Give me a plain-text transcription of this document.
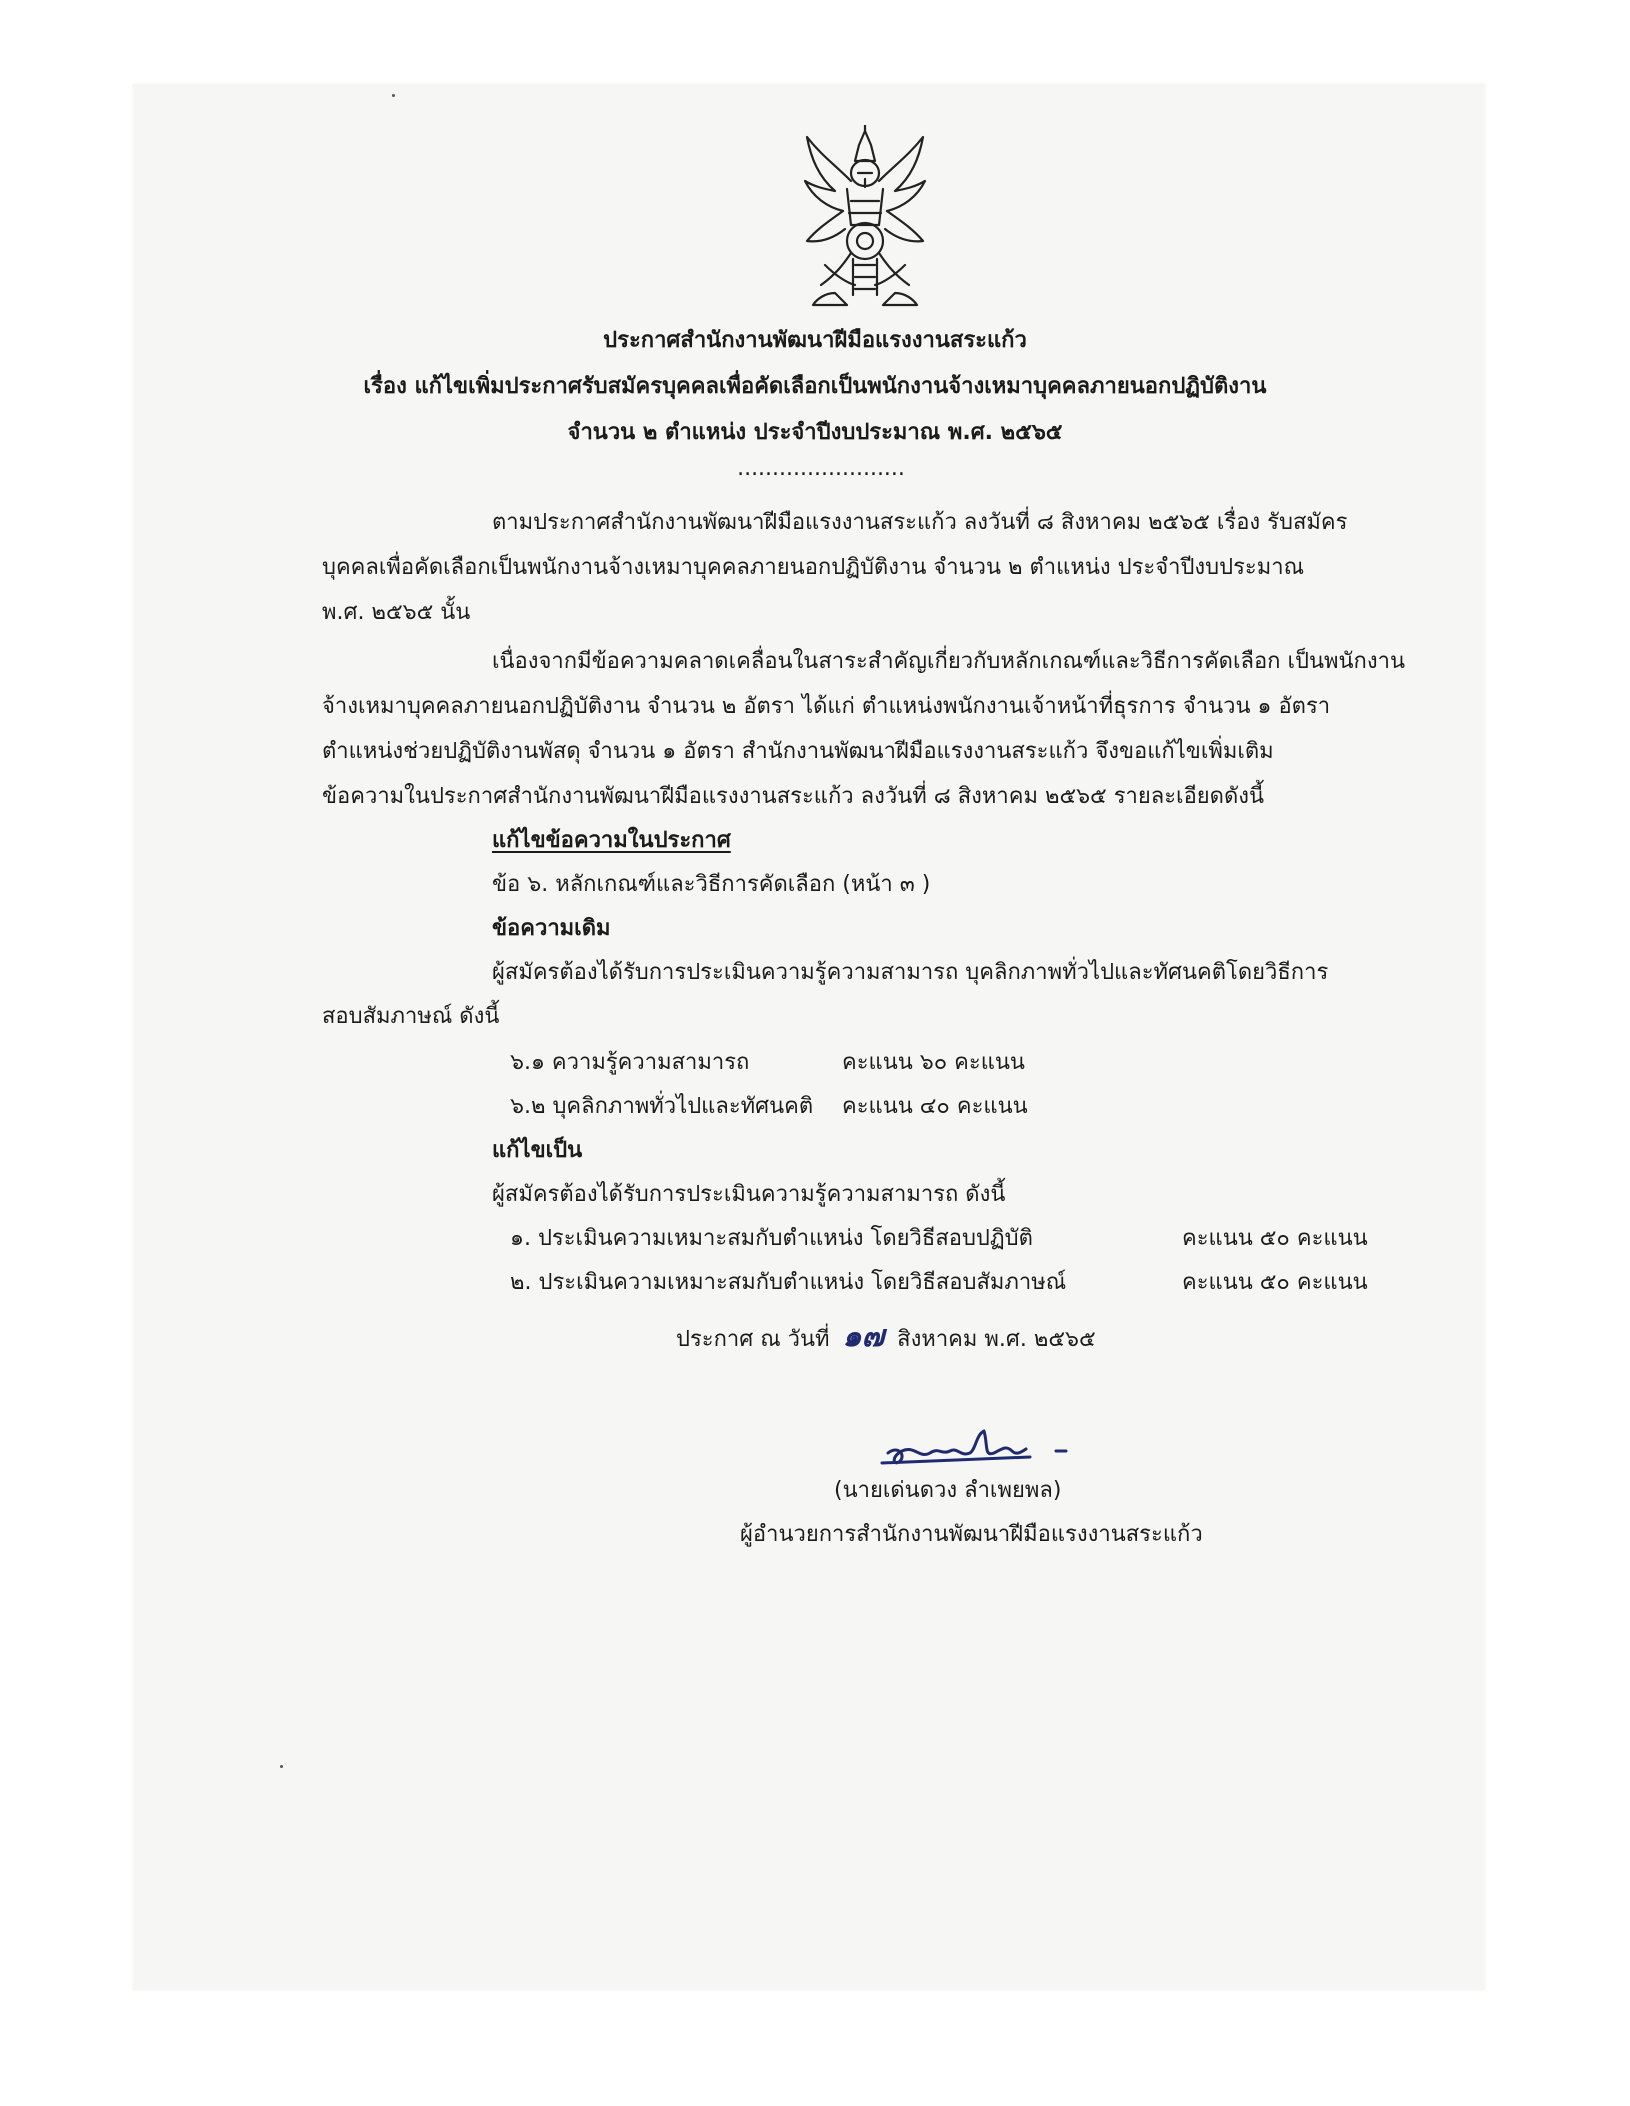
ประกาศสำนักงานพัฒนาฝีมือแรงงานสระแก้ว
เรื่อง แก้ไขเพิ่มประกาศรับสมัครบุคคลเพื่อคัดเลือกเป็นพนักงานจ้างเหมาบุคคลภายนอกปฏิบัติงาน
จำนวน ๒ ตำแหน่ง ประจำปีงบประมาณ พ.ศ. ๒๕๖๕
........................
ตามประกาศสำนักงานพัฒนาฝีมือแรงงานสระแก้ว ลงวันที่ ๘ สิงหาคม ๒๕๖๕ เรื่อง รับสมัคร
บุคคลเพื่อคัดเลือกเป็นพนักงานจ้างเหมาบุคคลภายนอกปฏิบัติงาน จำนวน ๒ ตำแหน่ง ประจำปีงบประมาณ
พ.ศ. ๒๕๖๕ นั้น
เนื่องจากมีข้อความคลาดเคลื่อนในสาระสำคัญเกี่ยวกับหลักเกณฑ์และวิธีการคัดเลือก เป็นพนักงาน
จ้างเหมาบุคคลภายนอกปฏิบัติงาน จำนวน ๒ อัตรา ได้แก่ ตำแหน่งพนักงานเจ้าหน้าที่ธุรการ จำนวน ๑ อัตรา
ตำแหน่งช่วยปฏิบัติงานพัสดุ จำนวน ๑ อัตรา สำนักงานพัฒนาฝีมือแรงงานสระแก้ว จึงขอแก้ไขเพิ่มเติม
ข้อความในประกาศสำนักงานพัฒนาฝีมือแรงงานสระแก้ว ลงวันที่ ๘ สิงหาคม ๒๕๖๕ รายละเอียดดังนี้
แก้ไขข้อความในประกาศ
ข้อ ๖. หลักเกณฑ์และวิธีการคัดเลือก (หน้า ๓ )
ข้อความเดิม
ผู้สมัครต้องได้รับการประเมินความรู้ความสามารถ บุคลิกภาพทั่วไปและทัศนคติโดยวิธีการ
สอบสัมภาษณ์ ดังนี้
๖.๑ ความรู้ความสามารถ	คะแนน ๖๐ คะแนน
๖.๒ บุคลิกภาพทั่วไปและทัศนคติ คะแนน ๔๐ คะแนน
แก้ไขเป็น
ผู้สมัครต้องได้รับการประเมินความรู้ความสามารถ ดังนี้
๑. ประเมินความเหมาะสมกับตำแหน่ง โดยวิธีสอบปฏิบัติ	คะแนน ๕๐ คะแนน
๒. ประเมินความเหมาะสมกับตำแหน่ง โดยวิธีสอบสัมภาษณ์	คะแนน ๕๐ คะแนน
ประกาศ ณ วันที่ ๑๗ สิงหาคม พ.ศ. ๒๕๖๕
(นายเด่นดวง ลำเพยพล)
ผู้อำนวยการสำนักงานพัฒนาฝีมือแรงงานสระแก้ว
